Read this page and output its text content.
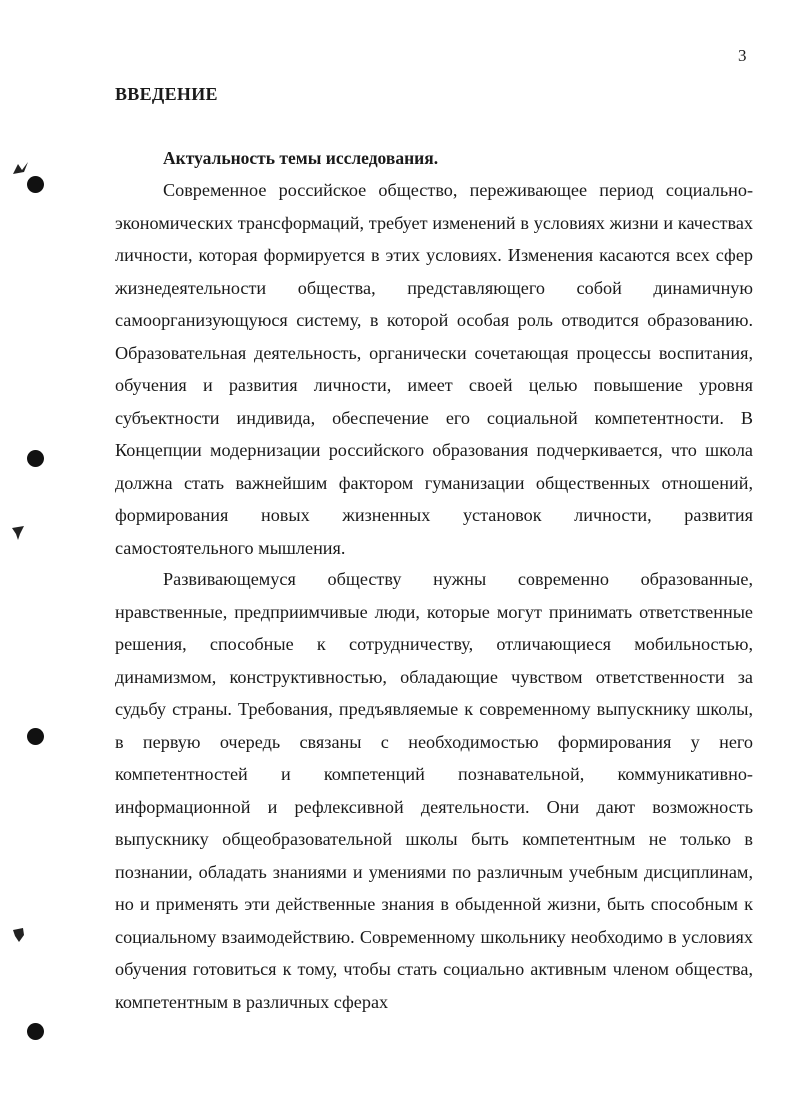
3
ВВЕДЕНИЕ
Актуальность темы исследования.

Современное российское общество, переживающее период социально-экономических трансформаций, требует изменений в условиях жизни и качествах личности, которая формируется в этих условиях. Изменения касаются всех сфер жизнедеятельности общества, представляющего собой динамичную самоорганизующуюся систему, в которой особая роль отводится образованию. Образовательная деятельность, органически сочетающая процессы воспитания, обучения и развития личности, имеет своей целью повышение уровня субъектности индивида, обеспечение его социальной компетентности. В Концепции модернизации российского образования подчеркивается, что школа должна стать важнейшим фактором гуманизации общественных отношений, формирования новых жизненных установок личности, развития самостоятельного мышления.

Развивающемуся обществу нужны современно образованные, нравственные, предприимчивые люди, которые могут принимать ответственные решения, способные к сотрудничеству, отличающиеся мобильностью, динамизмом, конструктивностью, обладающие чувством ответственности за судьбу страны. Требования, предъявляемые к современному выпускнику школы, в первую очередь связаны с необходимостью формирования у него компетентностей и компетенций познавательной, коммуникативно-информационной и рефлексивной деятельности. Они дают возможность выпускнику общеобразовательной школы быть компетентным не только в познании, обладать знаниями и умениями по различным учебным дисциплинам, но и применять эти действенные знания в обыденной жизни, быть способным к социальному взаимодействию. Современному школьнику необходимо в условиях обучения готовиться к тому, чтобы стать социально активным членом общества, компетентным в различных сферах
